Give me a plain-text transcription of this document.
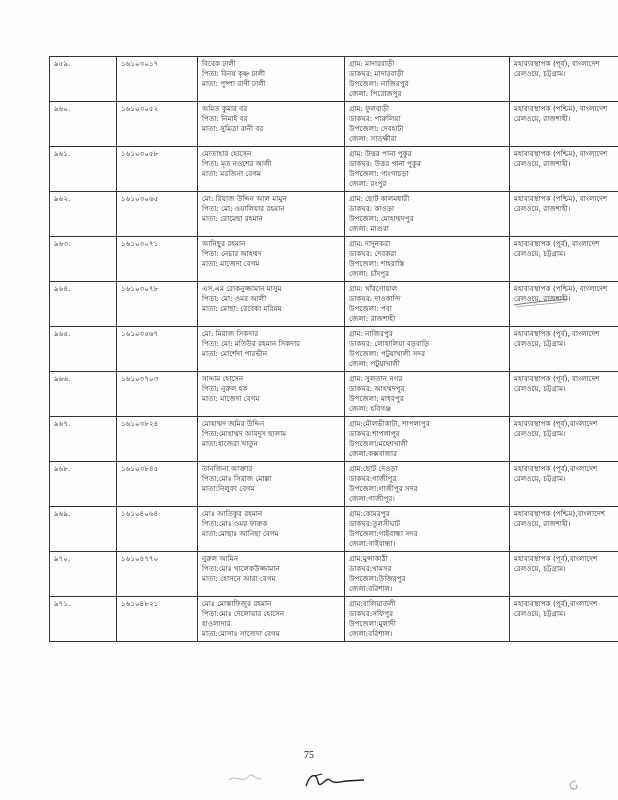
৯৫৯.	১৬১০৩০১৭	বিবেক ঢালী
পিতা: বিনয় কৃষ্ণ ঢালী
মাতা: পুষ্পা রাণী ঢালী	গ্রাম: মাদারবাড়ী
ডাকঘর: মাদারবাড়ী
উপজেলা: নাজিরপুর
জেলা: পিরোজপুর	মহাব্যবস্থাপক (পূর্ব), বাংলাদেশ
রেলওয়ে, চট্টগ্রাম।

৯৬০.	১৬১০৩০৫২	অমিত কুমার বর
পিতা: নিমাই বর
মাতা: সুমিত্রা রানী বর	গ্রাম: ফুলবাড়ী
ডাকঘর: পারুলিয়া
উপজেলা: দেবহাটা
জেলা: সাতক্ষীরা	মহাব্যবস্থাপক (পশ্চিম), বাংলাদেশ
রেলওয়ে, রাজশাহী।

৯৬১.	১৬১০৩০৫৮	মোতাহার হোসেন
পিতা: মৃত নওশের আলী
মাতা: মরজিনা বেগম	গ্রাম: উত্তর পানা পুকুর
ডাকঘর: উত্তর পানা পুকুর
উপজেলা: গাংগাচড়া
জেলা: রংপুর	মহাব্যবস্থাপক (পশ্চিম), বাংলাদেশ
রেলওয়ে, রাজশাহী।

৯৬২.	১৬১০৩০৬৫	মো: রিয়াজ উদ্দিন আল মামুন
পিতা: মো: ওয়ালিয়ার রহমান
মাতা: রোমেছা রহমান	গ্রাম: ছোট কালমধারী
ডাকঘর: কাওড়া
উপজেলা: মোহাম্মদপুর
জেলা: মাগুরা	মহাব্যবস্থাপক (পশ্চিম), বাংলাদেশ
রেলওয়ে, রাজশাহী।

৯৬৩.	১৬১০৩০৭১	আনিছুর রহমান
পিতা: নেচার আহম্মদ
মাতা: মাজেদা বেগম	গ্রাম: দাদুনকরা
ডাকঘর: দেবকরা
উপজেলা: শাহরাস্তি
জেলা: চাঁদপুর	মহাব্যবস্থাপক (পূর্ব), বাংলাদেশ
রেলওয়ে, চট্টগ্রাম।

৯৬৪.	১৬১০৩০৭৮	এস.এম রোকনুজ্জামান মাসুম
পিতা: মো: ওমর আলী
মাতা: মোছা: রেবেকা মরিয়ম	গ্রাম: খাঁরগোয়াল
ডাকঘর: দাওকান্দি
উপজেলা: পবা
জেলা: রাজশাহী	মহাব্যবস্থাপক (পশ্চিম), বাংলাদেশ
রেলওয়ে, রাজশাহী।

৯৬৫.	১৬১০৩৫৬৭	মো: মিরাজ সিকদার
পিতা: মো: মতিউর রহমান সিকদার
মাতা: মোর্শেদা পারভীন	গ্রাম: নাজিরপুর
ডাকঘর: লোহালিয়া বড়বাড়ি
উপজেলা: পটুয়াখালী সদর
জেলা: পটুয়াখালী	মহাব্যবস্থাপক (পূর্ব), বাংলাদেশ
রেলওয়ে, চট্টগ্রাম।

৯৬৬.	১৬১০৩৭০৩	সাদ্দাম হোসেন
পিতা: নুরুল হক
মাতা: মাজেদা বেগম	গ্রাম: সুলতান নগর
ডাকঘর: আহম্মদপুর
উপজেলা: মাধবপুর
জেলা: হবিগঞ্জ	মহাব্যবস্থাপক (পূর্ব), বাংলাদেশ
রেলওয়ে, চট্টগ্রাম।

৯৬৭.	১৬১০৩৮২৪	মোহাম্মদ জমির উদ্দিন
পিতা:মোহাম্মদ আবদুস ছালাম
মাতা:হাজেরা খাতুন	গ্রাম:মৌলভীকাটা, শাপলাপুর
ডাকঘর:শাপলাপুর
উপজেলা:মহেশখালী
জেলা:কক্সবাজার	মহাব্যবস্থাপক (পূর্ব),বাংলাদেশ
রেলওয়ে, চট্টগ্রাম।

৯৬৮.	১৬১০৩৮৪৫	তানজিনা আক্তার
পিতা:মোঃ সিরাজ মোল্লা
মাতা:নিলুফা বেগম	গ্রাম:ছোট দেওড়া
ডাকঘর:গাজীপুর
উপজেলা:গাজীপুর সদর
জেলা:গাজীপুর।	মহাব্যবস্থাপক (পূর্ব),বাংলাদেশ
রেলওয়ে, চট্টগ্রাম।

৯৬৯.	১৬১০৪০৬৪	মোঃ আতিকুর রহমান
পিতা:মোঃ ওমর ফারুক
মাতা:মোছাঃ আনিছা বেগম	গ্রাম:কোমরপুর
ডাকঘর:তুলসীঘাট
উপজেলা:গাইবান্ধা সদর
জেলা:গাইবান্ধা।	মহাব্যবস্থাপক (পশ্চিম),বাংলাদেশ
রেলওয়ে, রাজশাহী।

৯৭০.	১৬১০৪৭৭০	নুরুল আমিন
পিতা:মোঃ খালেকউজ্জামান
মাতা: হোসনে আরা বেগম	গ্রাম:মুন্সাকাঠী
ডাকঘর:খামসর
উপজেলা:উজিরপুর
জেলা:বরিশাল।	মহাব্যবস্থাপক (পূর্ব),বাংলাদেশ
রেলওয়ে, চট্টগ্রাম।

৯৭১.	১৬১০৪৮২১	মোঃ মোস্তাফিজুর রহমান
পিতা:মোঃ দেলোয়ার হোসেন
হাওলাদার
মাতা:মোসাঃ সাজেদা বেগম	গ্রাম:বালিয়াতলী
ডাকঘর:সফিপুর
উপজেলা:মুলাদী
জেলা:বরিশাল।	মহাব্যবস্থাপক (পূর্ব),বাংলাদেশ
রেলওয়ে, চট্টগ্রাম।
75
